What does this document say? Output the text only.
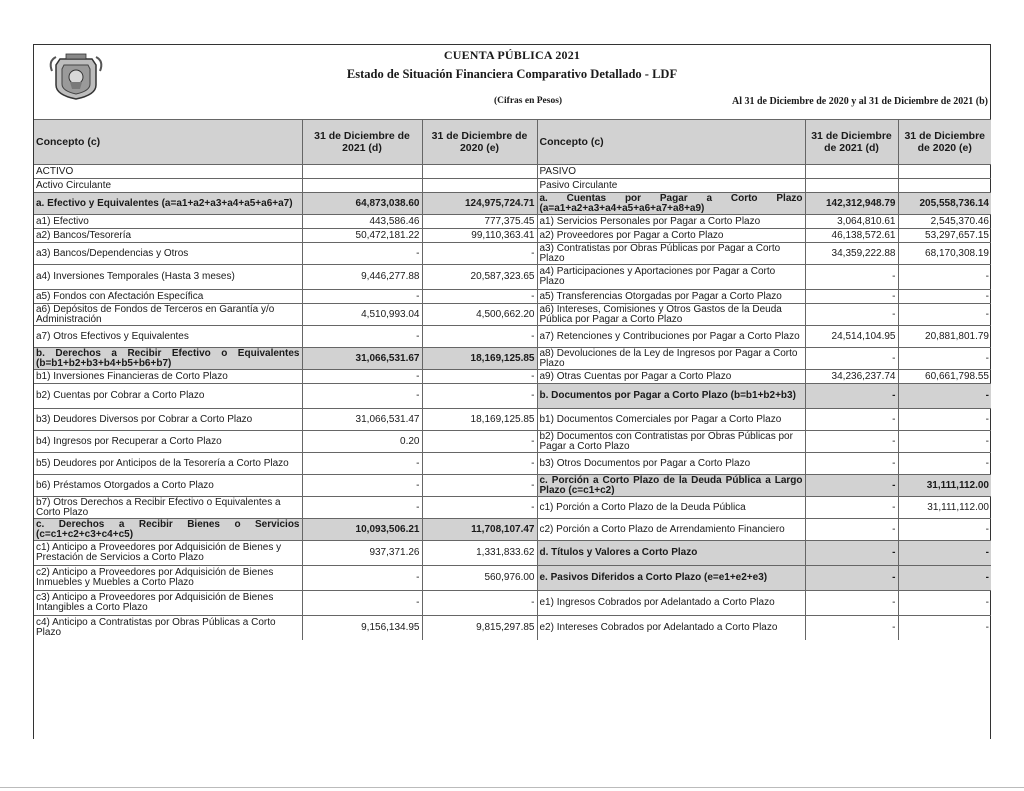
CUENTA PÚBLICA 2021
Estado de Situación Financiera Comparativo Detallado - LDF
(Cifras en Pesos)	Al 31 de Diciembre de 2020 y al 31 de Diciembre de 2021 (b)
Concepto (c)	31 de Diciembre de 2021 (d)	31 de Diciembre de 2020 (e)	Concepto (c)	31 de Diciembre de 2021 (d)	31 de Diciembre de 2020 (e)
ACTIVO			PASIVO		
Activo Circulante			Pasivo Circulante		
a. Efectivo y Equivalentes (a=a1+a2+a3+a4+a5+a6+a7)	64,873,038.60	124,975,724.71	a. Cuentas por Pagar a Corto Plazo (a=a1+a2+a3+a4+a5+a6+a7+a8+a9)	142,312,948.79	205,558,736.14
a1) Efectivo	443,586.46	777,375.45	a1) Servicios Personales por Pagar a Corto Plazo	3,064,810.61	2,545,370.46
a2) Bancos/Tesorería	50,472,181.22	99,110,363.41	a2) Proveedores por Pagar a Corto Plazo	46,138,572.61	53,297,657.15
a3) Bancos/Dependencias y Otros	-	-	a3) Contratistas por Obras Públicas por Pagar a Corto Plazo	34,359,222.88	68,170,308.19
a4) Inversiones Temporales (Hasta 3 meses)	9,446,277.88	20,587,323.65	a4) Participaciones y Aportaciones por Pagar a Corto Plazo	-	-
a5) Fondos con Afectación Específica	-	-	a5) Transferencias Otorgadas por Pagar a Corto Plazo	-	-
a6) Depósitos de Fondos de Terceros en Garantía y/o Administración	4,510,993.04	4,500,662.20	a6) Intereses, Comisiones y Otros Gastos de la Deuda Pública por Pagar a Corto Plazo	-	-
a7) Otros Efectivos y Equivalentes	-	-	a7) Retenciones y Contribuciones por Pagar a Corto Plazo	24,514,104.95	20,881,801.79
b. Derechos a Recibir Efectivo o Equivalentes (b=b1+b2+b3+b4+b5+b6+b7)	31,066,531.67	18,169,125.85	a8) Devoluciones de la Ley de Ingresos por Pagar a Corto Plazo	-	-
b1) Inversiones Financieras de Corto Plazo	-	-	a9) Otras Cuentas por Pagar a Corto Plazo	34,236,237.74	60,661,798.55
b2) Cuentas por Cobrar a Corto Plazo	-	-	b. Documentos por Pagar a Corto Plazo (b=b1+b2+b3)	-	-
b3) Deudores Diversos por Cobrar a Corto Plazo	31,066,531.47	18,169,125.85	b1) Documentos Comerciales por Pagar a Corto Plazo	-	-
b4) Ingresos por Recuperar a Corto Plazo	0.20	-	b2) Documentos con Contratistas por Obras Públicas por Pagar a Corto Plazo	-	-
b5) Deudores por Anticipos de la Tesorería a Corto Plazo	-	-	b3) Otros Documentos por Pagar a Corto Plazo	-	-
b6) Préstamos Otorgados a Corto Plazo	-	-	c. Porción a Corto Plazo de la Deuda Pública a Largo Plazo (c=c1+c2)	-	31,111,112.00
b7) Otros Derechos a Recibir Efectivo o Equivalentes a Corto Plazo	-	-	c1) Porción a Corto Plazo de la Deuda Pública	-	31,111,112.00
c. Derechos a Recibir Bienes o Servicios (c=c1+c2+c3+c4+c5)	10,093,506.21	11,708,107.47	c2) Porción a Corto Plazo de Arrendamiento Financiero	-	-
c1) Anticipo a Proveedores por Adquisición de Bienes y Prestación de Servicios a Corto Plazo	937,371.26	1,331,833.62	d. Títulos y Valores a Corto Plazo	-	-
c2) Anticipo a Proveedores por Adquisición de Bienes Inmuebles y Muebles a Corto Plazo	-	560,976.00	e. Pasivos Diferidos a Corto Plazo (e=e1+e2+e3)	-	-
c3) Anticipo a Proveedores por Adquisición de Bienes Intangibles a Corto Plazo	-	-	e1) Ingresos Cobrados por Adelantado a Corto Plazo	-	-
c4) Anticipo a Contratistas por Obras Públicas a Corto Plazo	9,156,134.95	9,815,297.85	e2) Intereses Cobrados por Adelantado a Corto Plazo	-	-
